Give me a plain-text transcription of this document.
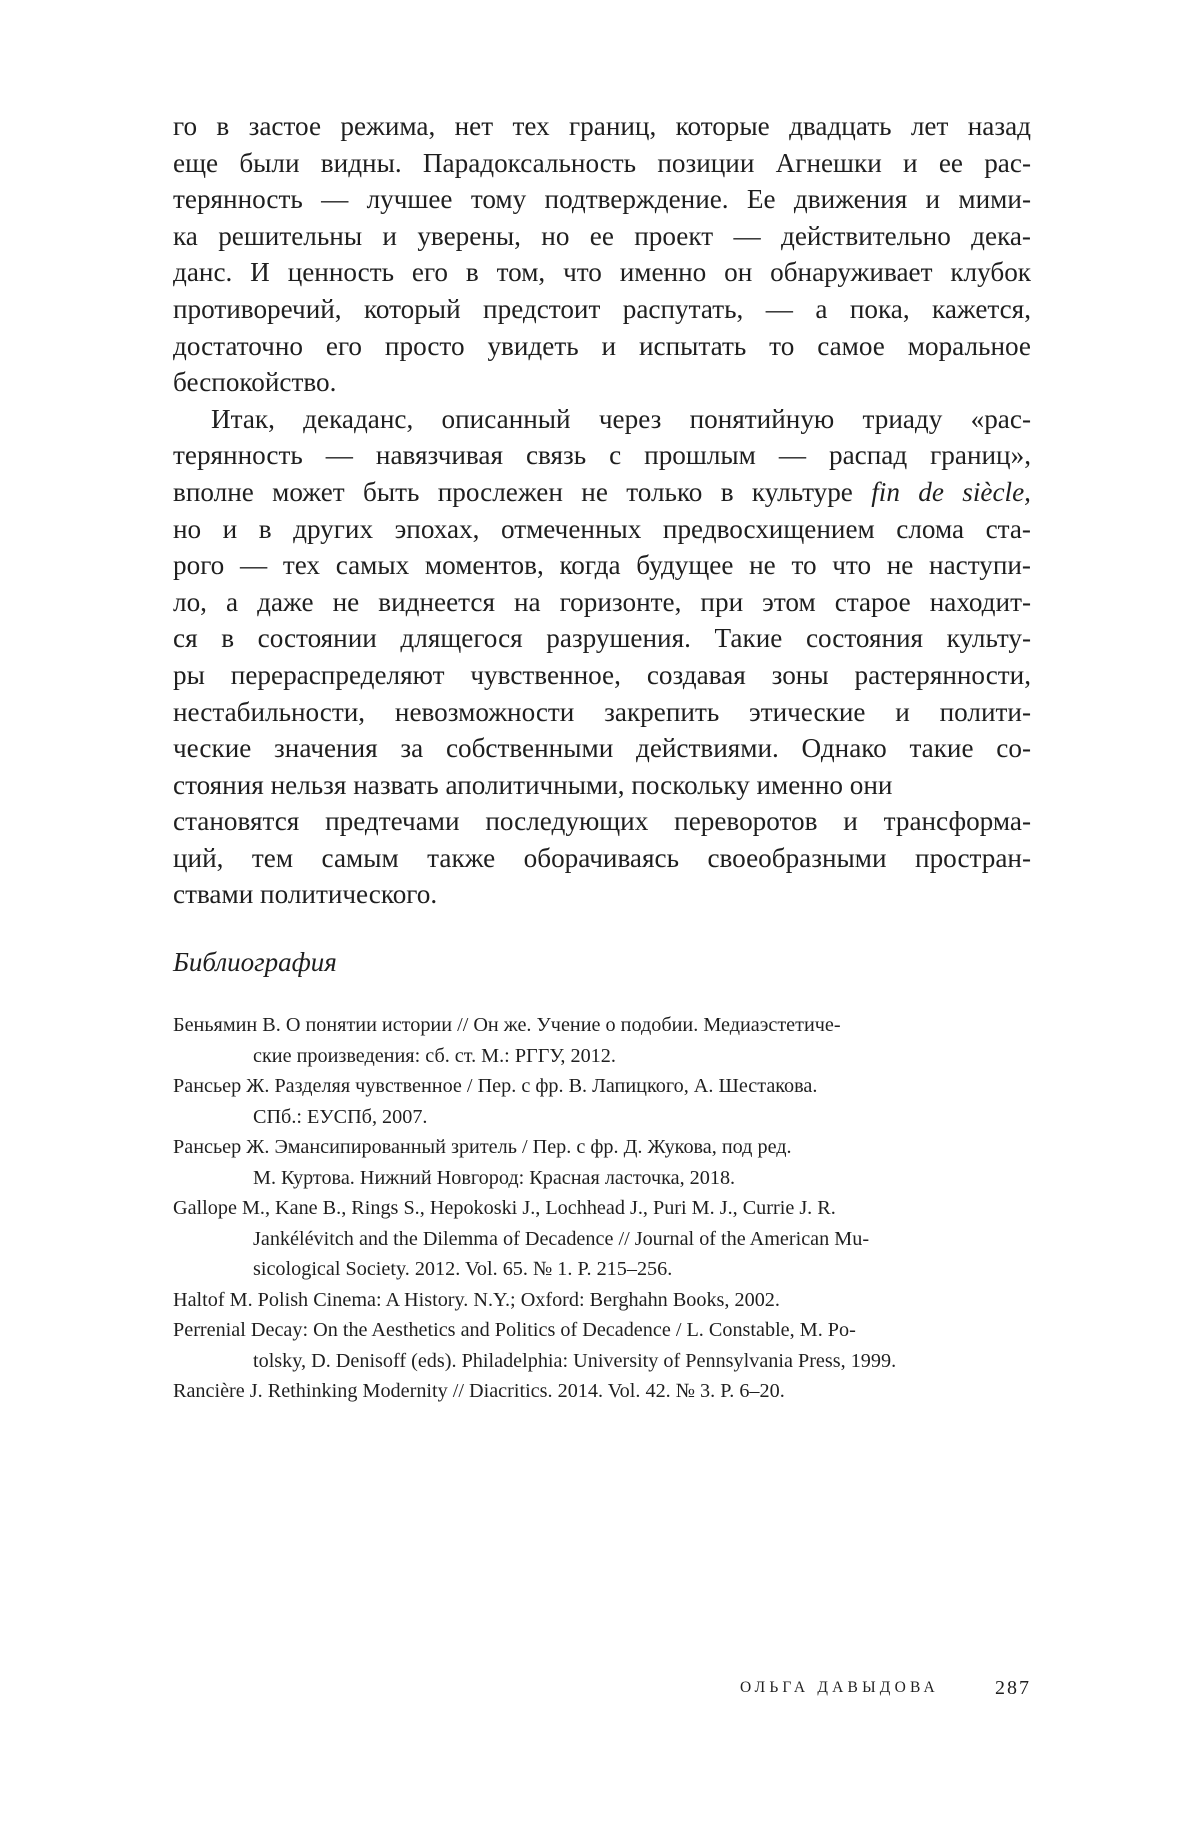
го в застое режима, нет тех границ, которые двадцать лет назад
еще были видны. Парадоксальность позиции Агнешки и ее рас-
терянность — лучшее тому подтверждение. Ее движения и мими-
ка решительны и уверены, но ее проект — действительно дека-
данс. И ценность его в том, что именно он обнаруживает клубок
противоречий, который предстоит распутать, — а пока, кажется,
достаточно его просто увидеть и испытать то самое моральное
беспокойство.
Итак, декаданс, описанный через понятийную триаду «рас-
терянность — навязчивая связь с прошлым — распад границ»,
вполне может быть прослежен не только в культуре fin de siècle,
но и в других эпохах, отмеченных предвосхищением слома ста-
рого — тех самых моментов, когда будущее не то что не наступи-
ло, а даже не виднеется на горизонте, при этом старое находит-
ся в состоянии длящегося разрушения. Такие состояния культу-
ры перераспределяют чувственное, создавая зоны растерянности,
нестабильности, невозможности закрепить этические и полити-
ческие значения за собственными действиями. Однако такие со-
стояния нельзя назвать аполитичными, поскольку именно они
становятся предтечами последующих переворотов и трансформа-
ций, тем самым также оборачиваясь своеобразными простран-
ствами политического.
Библиография
Беньямин В. О понятии истории // Он же. Учение о подобии. Медиаэстетиче-
ские произведения: сб. ст. М.: РГГУ, 2012.
Рансьер Ж. Разделяя чувственное / Пер. с фр. В. Лапицкого, А. Шестакова.
СПб.: ЕУСПб, 2007.
Рансьер Ж. Эмансипированный зритель / Пер. с фр. Д. Жукова, под ред.
М. Куртова. Нижний Новгород: Красная ласточка, 2018.
Gallope M., Kane B., Rings S., Hepokoski J., Lochhead J., Puri M. J., Currie J. R.
Jankélévitch and the Dilemma of Decadence // Journal of the American Mu-
sicological Society. 2012. Vol. 65. № 1. P. 215–256.
Haltof M. Polish Cinema: A History. N.Y.; Oxford: Berghahn Books, 2002.
Perrenial Decay: On the Aesthetics and Politics of Decadence / L. Constable, M. Po-
tolsky, D. Denisoff (eds). Philadelphia: University of Pennsylvania Press, 1999.
Rancière J. Rethinking Modernity // Diacritics. 2014. Vol. 42. № 3. P. 6–20.
ОЛЬГА ДАВЫДОВА	287
